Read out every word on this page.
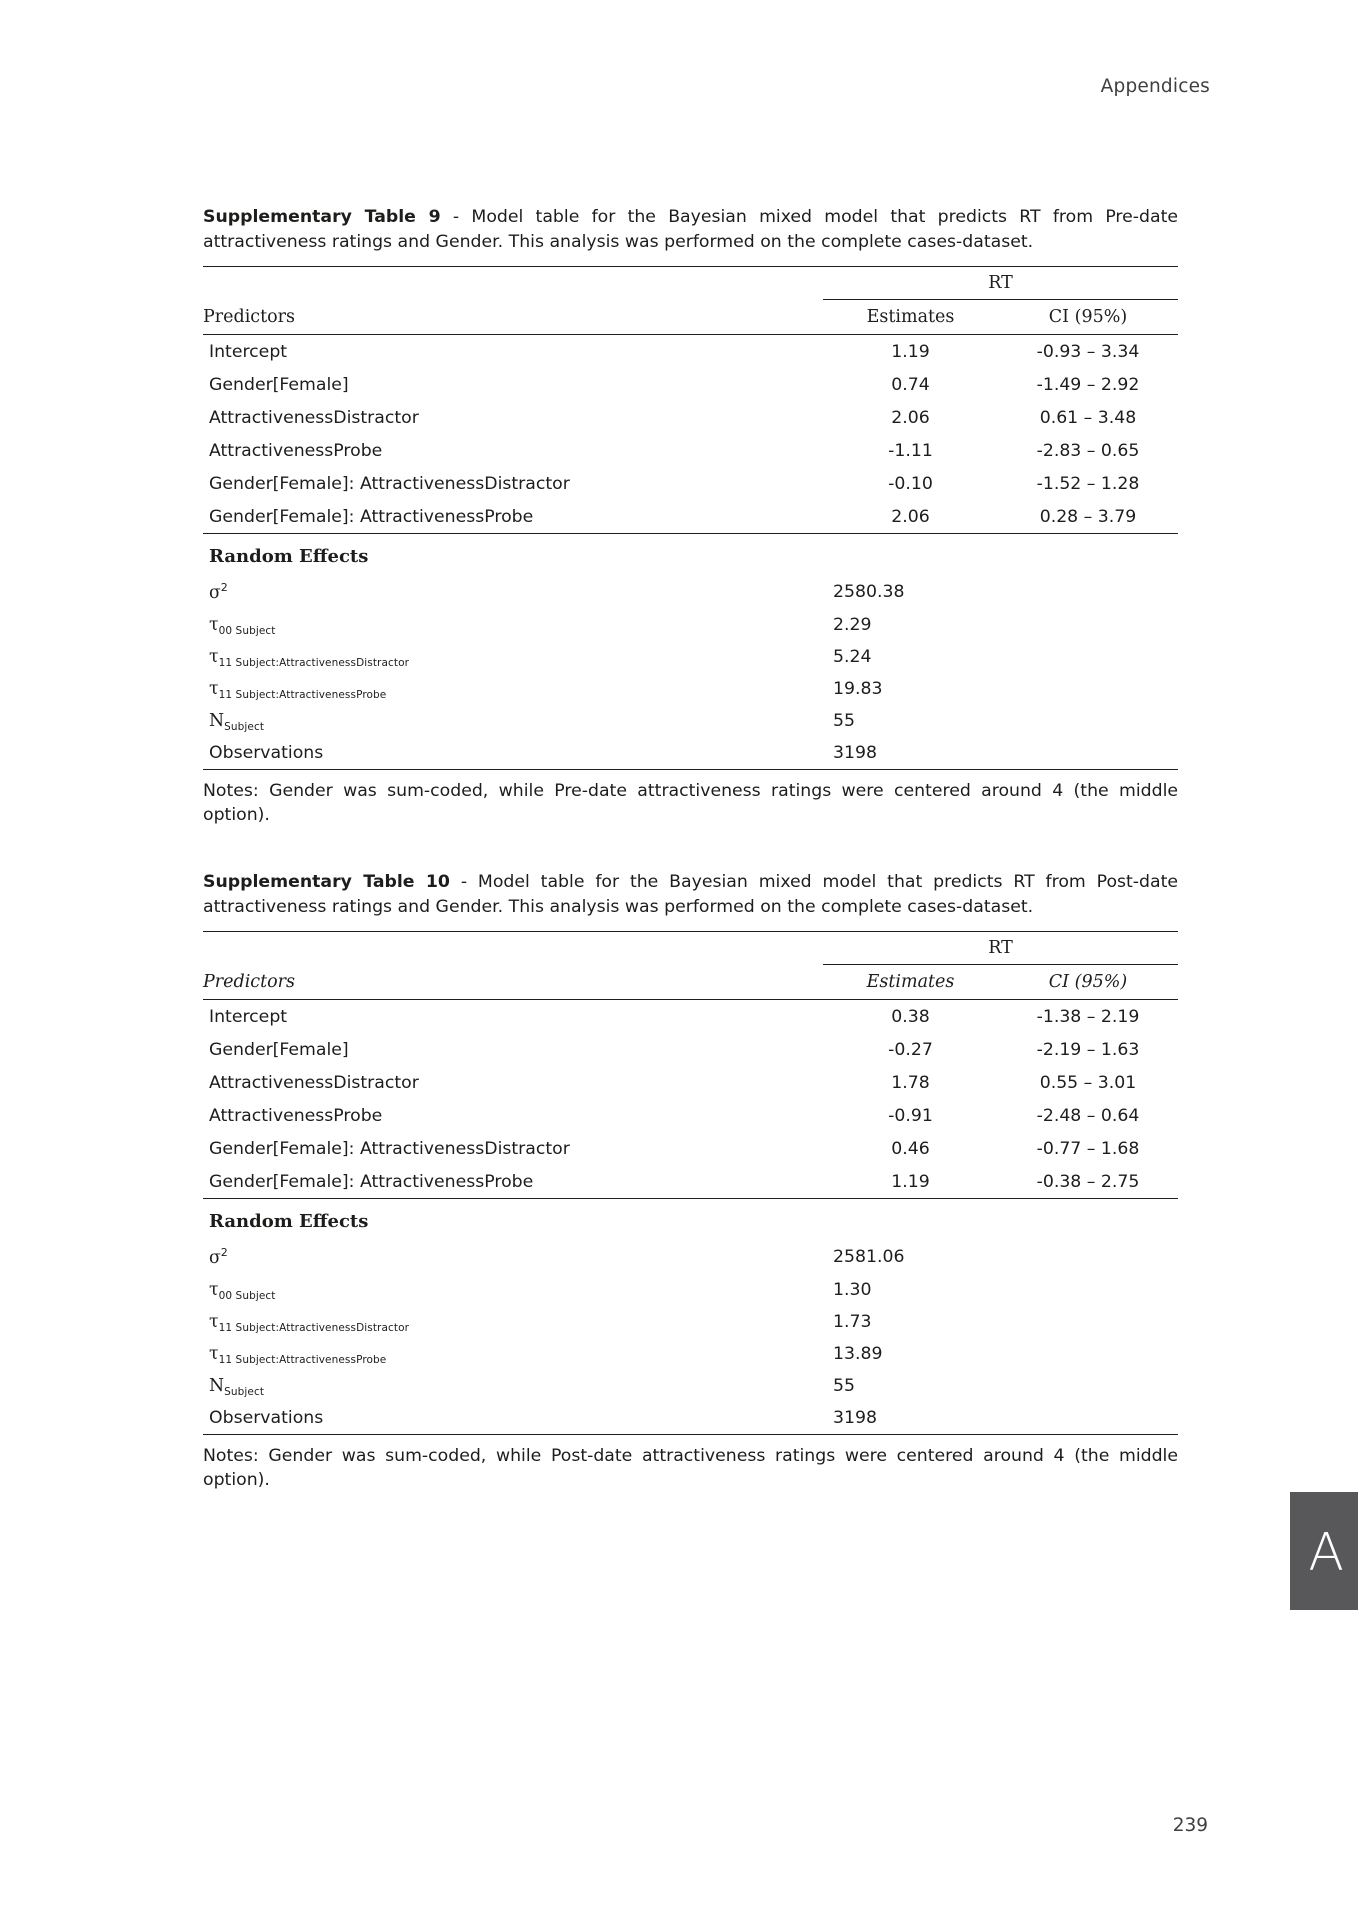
Appendices
Supplementary Table 9 - Model table for the Bayesian mixed model that predicts RT from Pre-date attractiveness ratings and Gender. This analysis was performed on the complete cases-dataset.
	RT	
Predictors	Estimates	CI (95%)
Intercept	1.19	-0.93 – 3.34
Gender[Female]	0.74	-1.49 – 2.92
AttractivenessDistractor	2.06	0.61 – 3.48
AttractivenessProbe	-1.11	-2.83 – 0.65
Gender[Female]: AttractivenessDistractor	-0.10	-1.52 – 1.28
Gender[Female]: AttractivenessProbe	2.06	0.28 – 3.79
Random Effects		
$\sigma^2$	2580.38	
$\tau_{00 Subject}$	2.29	
$\tau_{11 Subject:AttractivenessDistractor}$	5.24	
$\tau_{11 Subject:AttractivenessProbe}$	19.83	
$N_{Subject}$	55	
Observations	3198	
Notes: Gender was sum-coded, while Pre-date attractiveness ratings were centered around 4 (the middle option).
Supplementary Table 10 - Model table for the Bayesian mixed model that predicts RT from Post-date attractiveness ratings and Gender. This analysis was performed on the complete cases-dataset.
	RT	
Predictors	Estimates	CI (95%)
Intercept	0.38	-1.38 – 2.19
Gender[Female]	-0.27	-2.19 – 1.63
AttractivenessDistractor	1.78	0.55 – 3.01
AttractivenessProbe	-0.91	-2.48 – 0.64
Gender[Female]: AttractivenessDistractor	0.46	-0.77 – 1.68
Gender[Female]: AttractivenessProbe	1.19	-0.38 – 2.75
Random Effects		
$\sigma^2$	2581.06	
$\tau_{00 Subject}$	1.30	
$\tau_{11 Subject:AttractivenessDistractor}$	1.73	
$\tau_{11 Subject:AttractivenessProbe}$	13.89	
$N_{Subject}$	55	
Observations	3198	
Notes: Gender was sum-coded, while Post-date attractiveness ratings were centered around 4 (the middle option).
A
239
